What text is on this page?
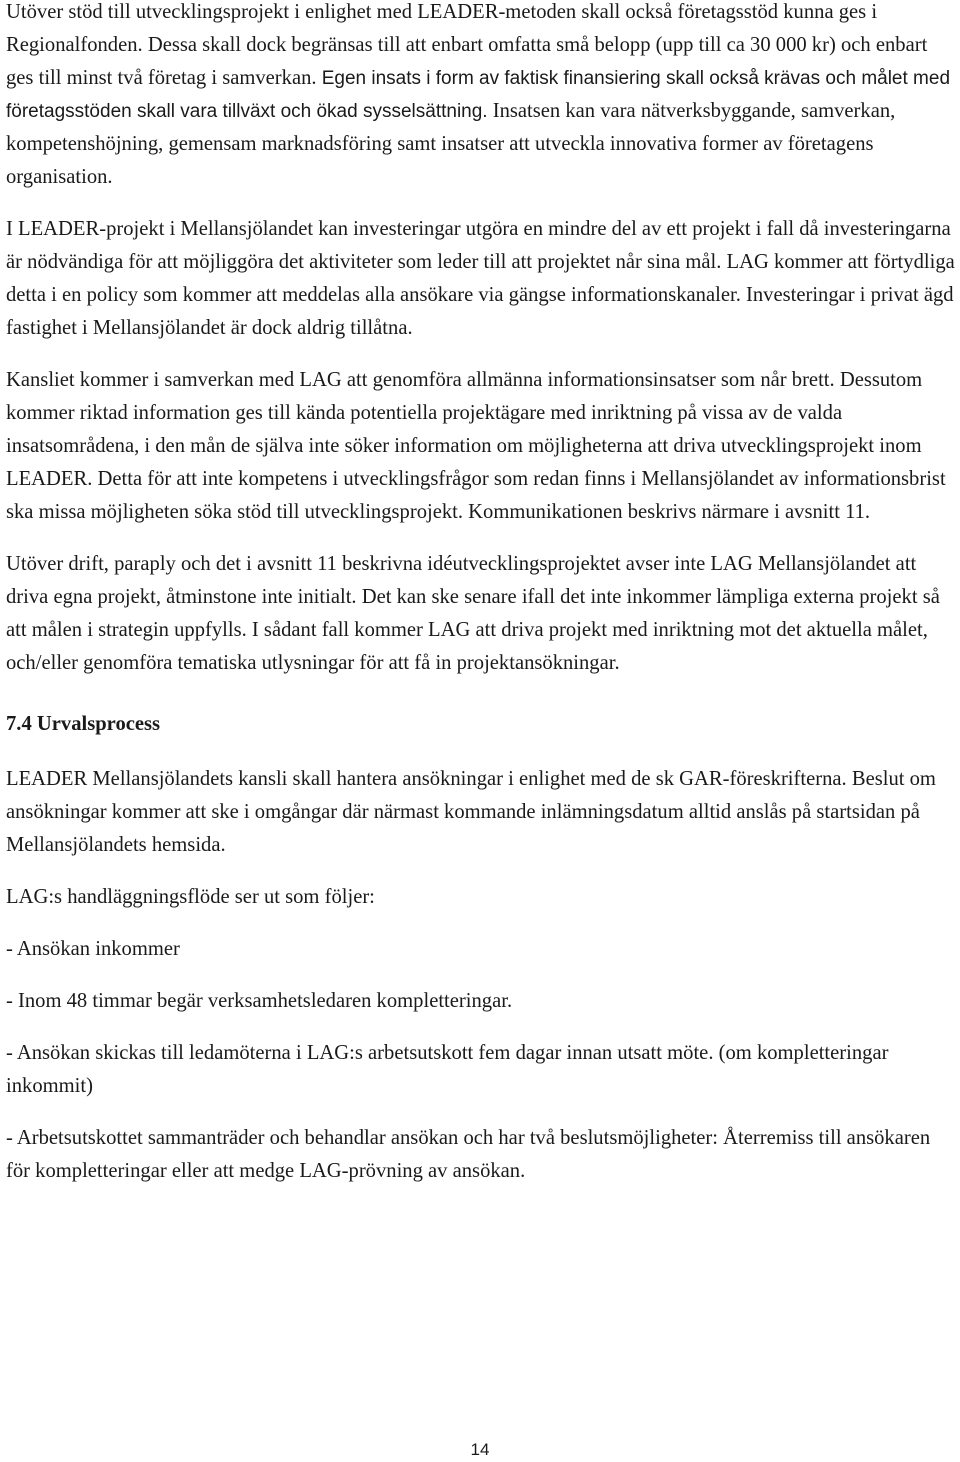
Utöver stöd till utvecklingsprojekt i enlighet med LEADER-metoden skall också företagsstöd kunna ges i Regionalfonden. Dessa skall dock begränsas till att enbart omfatta små belopp (upp till ca 30 000 kr) och enbart ges till minst två företag i samverkan. Egen insats i form av faktisk finansiering skall också krävas och målet med företagsstöden skall vara tillväxt och ökad sysselsättning. Insatsen kan vara nätverksbyggande, samverkan, kompetenshöjning, gemensam marknadsföring samt insatser att utveckla innovativa former av företagens organisation.

I LEADER-projekt i Mellansjölandet kan investeringar utgöra en mindre del av ett projekt i fall då investeringarna är nödvändiga för att möjliggöra det aktiviteter som leder till att projektet når sina mål. LAG kommer att förtydliga detta i en policy som kommer att meddelas alla ansökare via gängse informationskanaler. Investeringar i privat ägd fastighet i Mellansjölandet är dock aldrig tillåtna.

Kansliet kommer i samverkan med LAG att genomföra allmänna informationsinsatser som når brett. Dessutom kommer riktad information ges till kända potentiella projektägare med inriktning på vissa av de valda insatsområdena, i den mån de själva inte söker information om möjligheterna att driva utvecklingsprojekt inom LEADER. Detta för att inte kompetens i utvecklingsfrågor som redan finns i Mellansjölandet av informationsbrist ska missa möjligheten söka stöd till utvecklingsprojekt. Kommunikationen beskrivs närmare i avsnitt 11.

Utöver drift, paraply och det i avsnitt 11 beskrivna idéutvecklingsprojektet avser inte LAG Mellansjölandet att driva egna projekt, åtminstone inte initialt. Det kan ske senare ifall det inte inkommer lämpliga externa projekt så att målen i strategin uppfylls. I sådant fall kommer LAG att driva projekt med inriktning mot det aktuella målet, och/eller genomföra tematiska utlysningar för att få in projektansökningar.

7.4 Urvalsprocess

LEADER Mellansjölandets kansli skall hantera ansökningar i enlighet med de sk GAR-föreskrifterna. Beslut om ansökningar kommer att ske i omgångar där närmast kommande inlämningsdatum alltid anslås på startsidan på Mellansjölandets hemsida.

LAG:s handläggningsflöde ser ut som följer:

- Ansökan inkommer

- Inom 48 timmar begär verksamhetsledaren kompletteringar.

- Ansökan skickas till ledamöterna i LAG:s arbetsutskott fem dagar innan utsatt möte. (om kompletteringar inkommit)

- Arbetsutskottet sammanträder och behandlar ansökan och har två beslutsmöjligheter: Återremiss till ansökaren för kompletteringar eller att medge LAG-prövning av ansökan.

14
